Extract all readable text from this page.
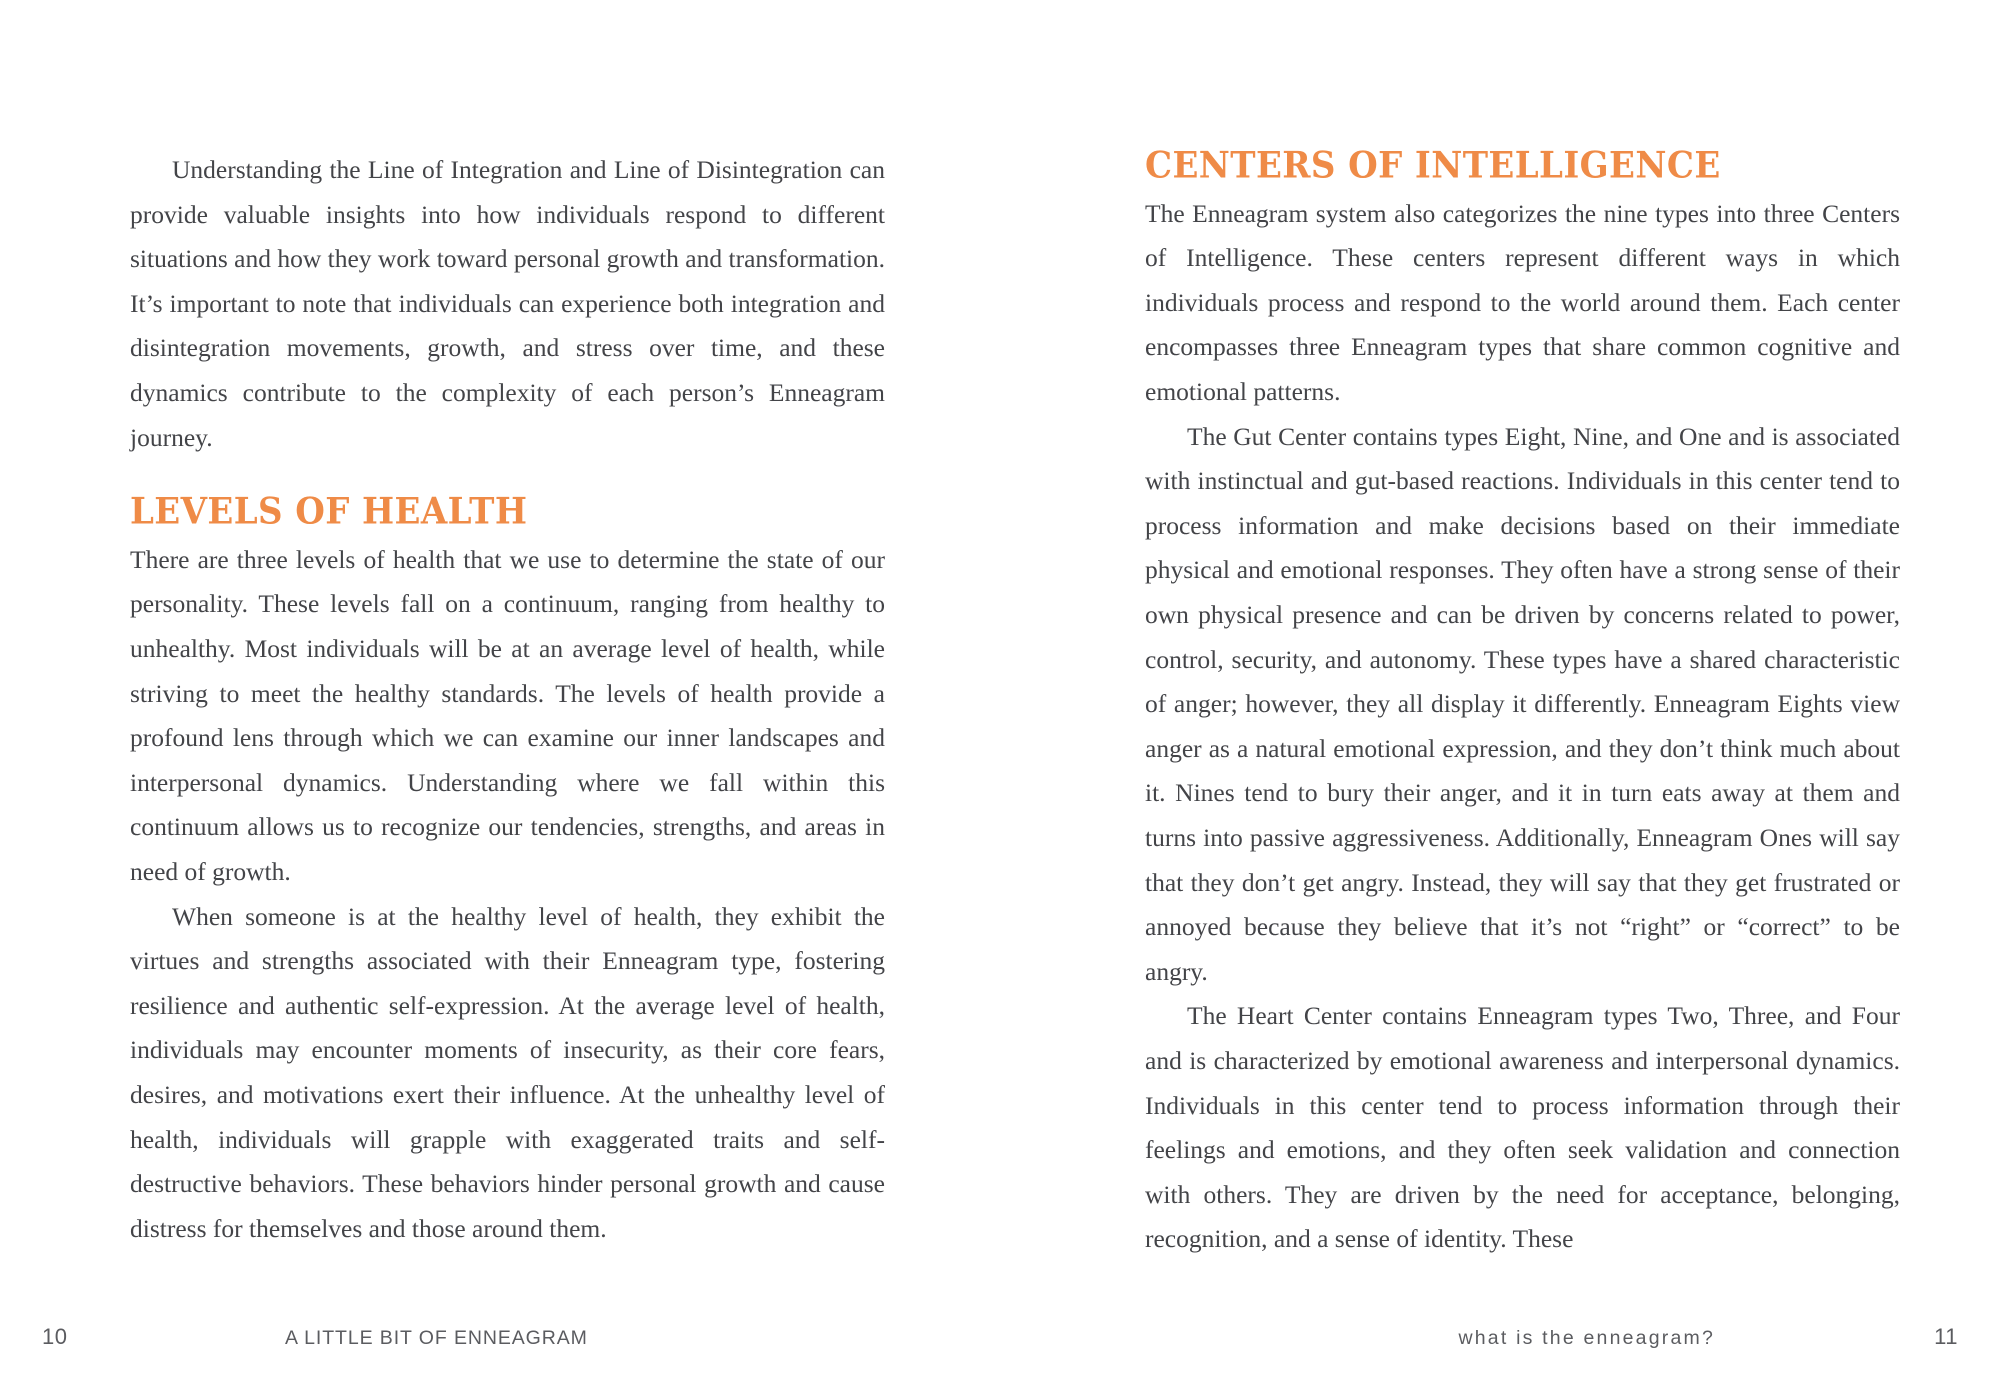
Understanding the Line of Integration and Line of Disintegration can provide valuable insights into how individuals respond to different situations and how they work toward personal growth and transformation. It’s important to note that individuals can experience both integration and disintegration movements, growth, and stress over time, and these dynamics contribute to the complexity of each person’s Enneagram journey.

LEVELS OF HEALTH

There are three levels of health that we use to determine the state of our personality. These levels fall on a continuum, ranging from healthy to unhealthy. Most individuals will be at an average level of health, while striving to meet the healthy standards. The levels of health provide a profound lens through which we can examine our inner landscapes and interpersonal dynamics. Understanding where we fall within this continuum allows us to recognize our tendencies, strengths, and areas in need of growth.

When someone is at the healthy level of health, they exhibit the virtues and strengths associated with their Enneagram type, fostering resilience and authentic self-expression. At the average level of health, individuals may encounter moments of insecurity, as their core fears, desires, and motivations exert their influence. At the unhealthy level of health, individuals will grapple with exaggerated traits and self-destructive behaviors. These behaviors hinder personal growth and cause distress for themselves and those around them.

10	A LITTLE BIT OF ENNEAGRAM
CENTERS OF INTELLIGENCE

The Enneagram system also categorizes the nine types into three Centers of Intelligence. These centers represent different ways in which individuals process and respond to the world around them. Each center encompasses three Enneagram types that share common cognitive and emotional patterns.

The Gut Center contains types Eight, Nine, and One and is associated with instinctual and gut-based reactions. Individuals in this center tend to process information and make decisions based on their immediate physical and emotional responses. They often have a strong sense of their own physical presence and can be driven by concerns related to power, control, security, and autonomy. These types have a shared characteristic of anger; however, they all display it differently. Enneagram Eights view anger as a natural emotional expression, and they don’t think much about it. Nines tend to bury their anger, and it in turn eats away at them and turns into passive aggressiveness. Additionally, Enneagram Ones will say that they don’t get angry. Instead, they will say that they get frustrated or annoyed because they believe that it’s not “right” or “correct” to be angry.

The Heart Center contains Enneagram types Two, Three, and Four and is characterized by emotional awareness and interpersonal dynamics. Individuals in this center tend to process information through their feelings and emotions, and they often seek validation and connection with others. They are driven by the need for acceptance, belonging, recognition, and a sense of identity. These

what is the enneagram?	11
